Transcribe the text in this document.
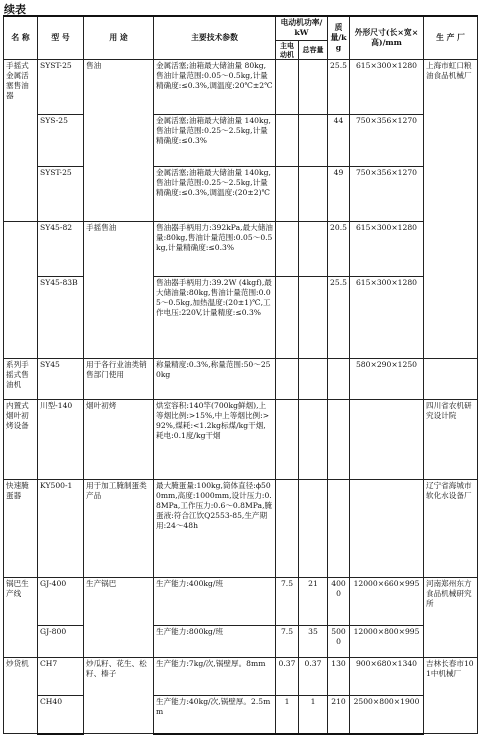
续表
名 称	型 号	用 途	主要技术参数	电动机功率/kW		质量/kg	外形尺寸(长×宽×高)/mm	生 产 厂
				主电动机	总容量			
手摇式金属活塞售油器	SYST-25	售油	金属活塞;油箱最大储油量 80kg,售油计量范围:0.05～0.5kg,计量精确度:≤0.3%,调温度:20℃±2℃			25.5	615×300×1280	上海市虹口粮油食品机械厂
	SYS-25		金属活塞;油箱最大储油量 140kg,售油计量范围:0.25～2.5kg,计量精确度:≤0.3%			44	750×356×1270	
	SYST-25		金属活塞;油箱最大储油量 140kg,售油计量范围:0.25～2.5kg,计量精确度:≤0.3%,调温度:(20±2)℃			49	750×356×1270	
	SY45-82	手摇售油	售油器手柄用力:392kPa,最大储油量:80kg,售油计量范围:0.05～0.5kg,计量精确度:≤0.3%			20.5	615×300×1280	
	SY45-83B		售油器手柄用力:39.2W (4kgf),最大储油量:80kg,售油计量范围:0.05～0.5kg,加热温度:(20±1)℃,工作电压:220V,计量精度:≤0.3%			25.5	615×300×1280	
系列手摇式售油机	SY45	用于各行业油类销售部门使用	称量精度:0.3%,称量范围:50～250kg				580×290×1250	
内置式烟叶初烤设备	川型-140	烟叶初烤	烘室容积:140竿(700kg鲜烟),上等烟比例:>15%,中上等烟比例:>92%,煤耗:<1.2kg标煤/kg干烟,耗电:0.1度/kg干烟					四川省农机研究设计院
快速腌蛋器	KY500-1	用于加工腌制蛋类产品	最大腌蛋量:100kg,筒体直径:ϕ500mm,高度:1000mm,设计压力:0.8MPa,工作压力:0.6～0.8MPa,腌蛋液:符合江饮Q2553-85,生产期用:24～48h					辽宁省海城市软化水设备厂
锅巴生产线	GJ-400	生产锅巴	生产能力:400kg/班	7.5	21	4000	12000×660×995	河南郑州东方食品机械研究所
	GJ-800		生产能力:800kg/班	7.5	35	5000	12000×800×995	
炒货机	CH7	炒瓜籽、花生、松籽、榛子	生产能力:7kg/次,锅壁厚。8mm	0.37	0.37	130	900×680×1340	吉林长春市101中机械厂
	CH40		生产能力:40kg/次,锅壁厚。2.5mm	1	1	210	2500×800×1900	
